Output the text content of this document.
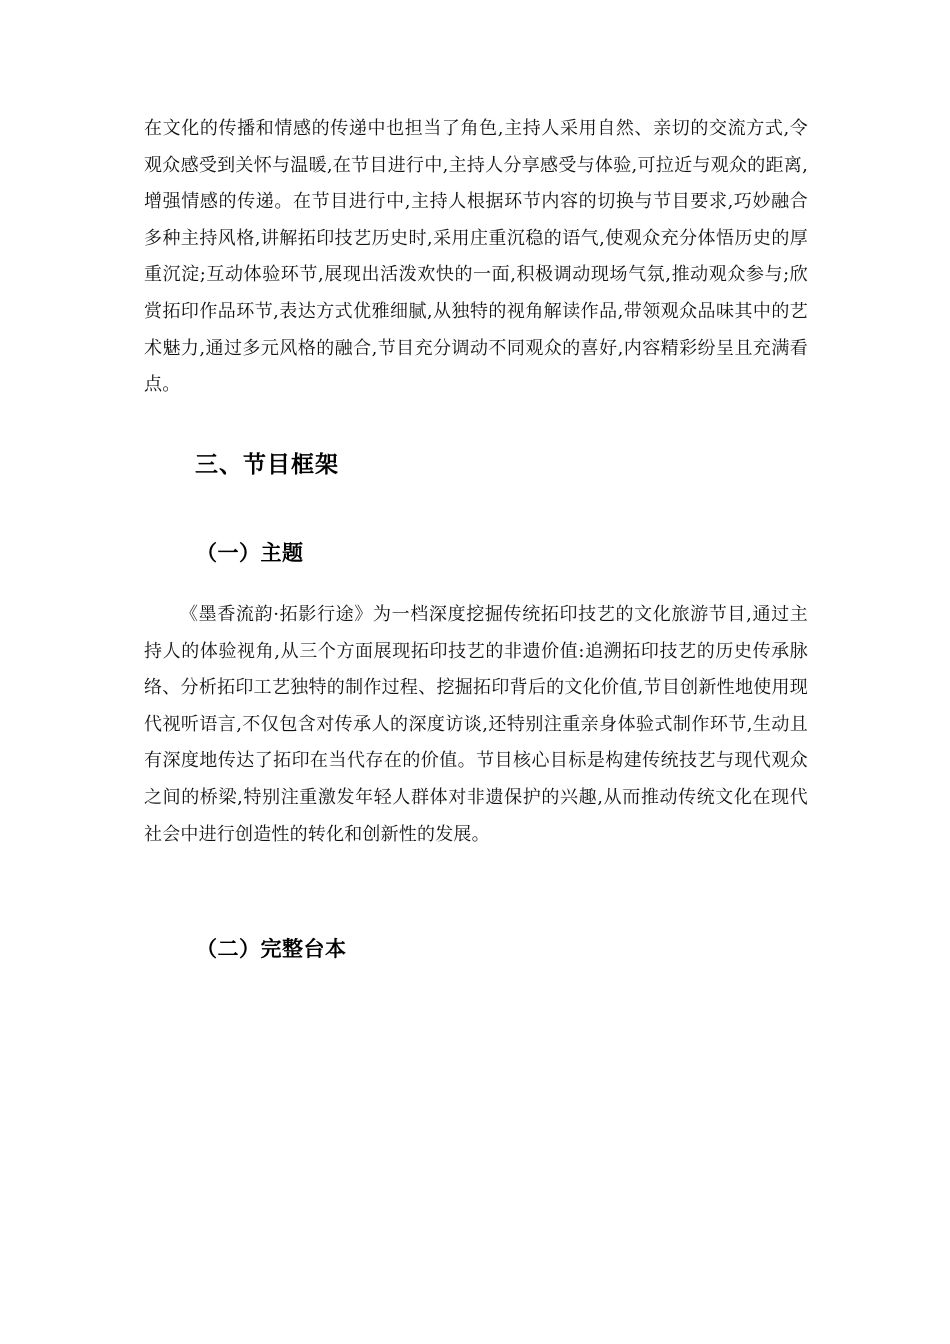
在文化的传播和情感的传递中也担当了角色,主持人采用自然、亲切的交流方式,令观众感受到关怀与温暖,在节目进行中,主持人分享感受与体验,可拉近与观众的距离,增强情感的传递。在节目进行中,主持人根据环节内容的切换与节目要求,巧妙融合多种主持风格,讲解拓印技艺历史时,采用庄重沉稳的语气,使观众充分体悟历史的厚重沉淀;互动体验环节,展现出活泼欢快的一面,积极调动现场气氛,推动观众参与;欣赏拓印作品环节,表达方式优雅细腻,从独特的视角解读作品,带领观众品味其中的艺术魅力,通过多元风格的融合,节目充分调动不同观众的喜好,内容精彩纷呈且充满看点。

三、节目框架
（一）主题

《墨香流韵·拓影行途》为一档深度挖掘传统拓印技艺的文化旅游节目,通过主持人的体验视角,从三个方面展现拓印技艺的非遗价值:追溯拓印技艺的历史传承脉络、分析拓印工艺独特的制作过程、挖掘拓印背后的文化价值,节目创新性地使用现代视听语言,不仅包含对传承人的深度访谈,还特别注重亲身体验式制作环节,生动且有深度地传达了拓印在当代存在的价值。节目核心目标是构建传统技艺与现代观众之间的桥梁,特别注重激发年轻人群体对非遗保护的兴趣,从而推动传统文化在现代社会中进行创造性的转化和创新性的发展。

（二）完整台本
